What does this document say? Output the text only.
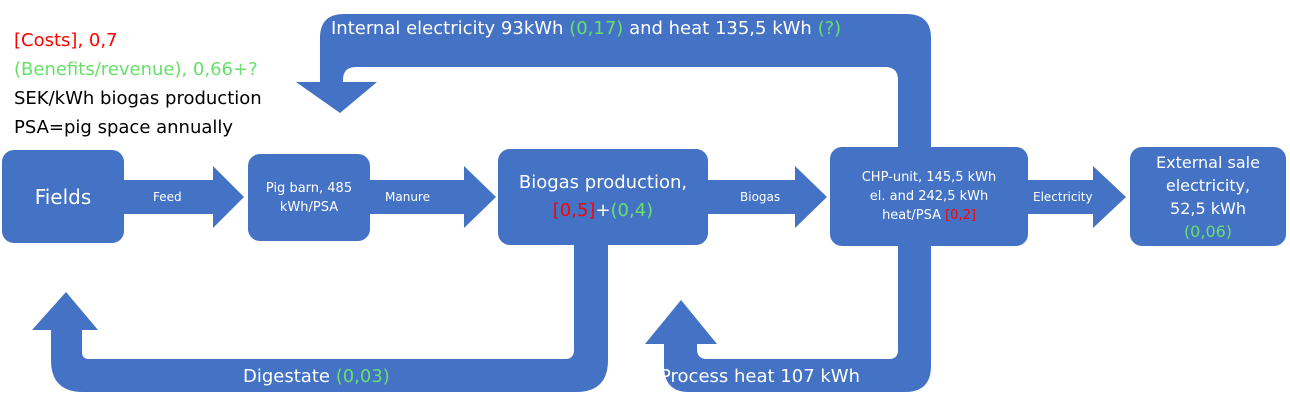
[Costs], 0,7
(Benefits/revenue), 0,66+?
SEK/kWh biogas production
PSA=pig space annually
Fields	Pig barn, 485
kWh/PSA
Biogas production,
[0,5]+(0,4)
CHP-unit, 145,5 kWh
el. and 242,5 kWh
heat/PSA [0,2]
External sale
electricity,
52,5 kWh
(0,06)
Feed	Manure	Biogas	Electricity
Internal electricity 93kWh (0,17) and heat 135,5 kWh (?)
Digestate (0,03)	Process heat 107 kWh
